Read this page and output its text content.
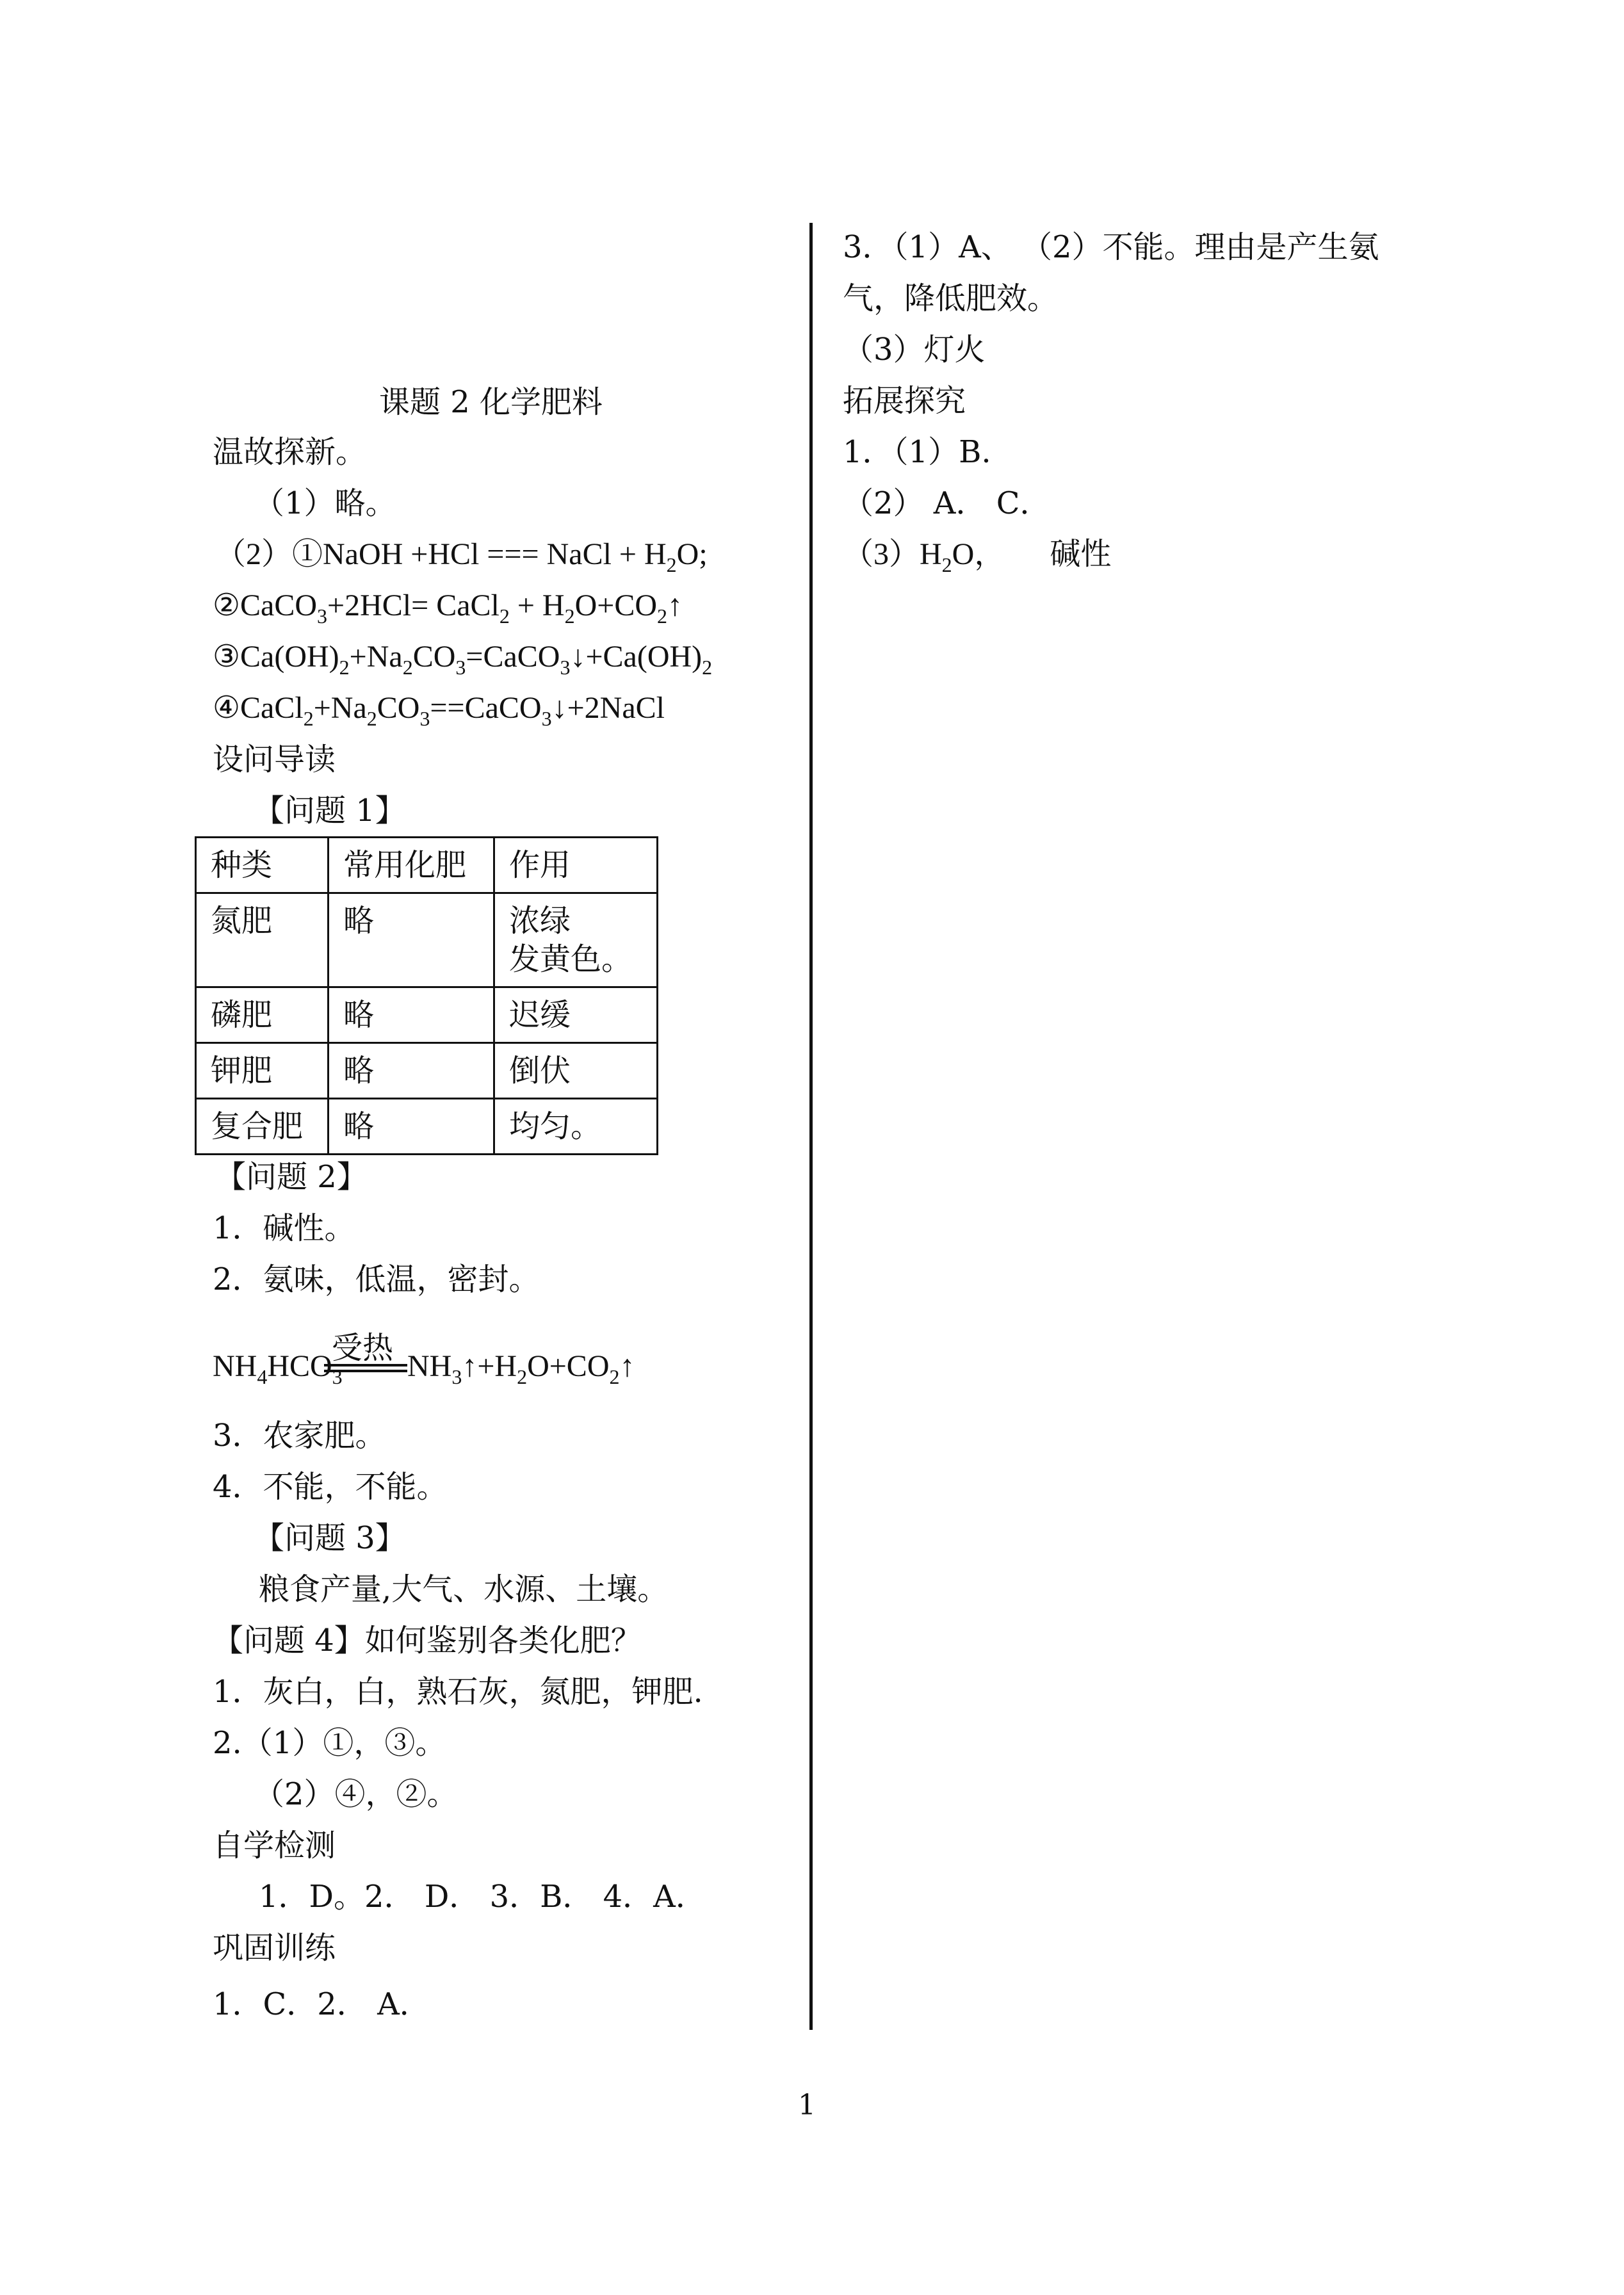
课题 2 化学肥料
温故探新。
（1）略。
（2）①NaOH +HCl === NaCl + $H_2O$;
②CaCO$_3$+2HCl= CaCl$_2$ + $H_2O+CO_2↑$
$③Ca(OH)_2+Na_2CO_3=CaCO_3↓+Ca(OH)_2$
$④CaCl_2+Na_2CO_3==CaCO_3↓+2NaCl$
设问导读
【问题 1】
种类	常用化肥	作用
氮肥	略	浓绿
发黄色。
磷肥	略	迟缓
钾肥	略	倒伏
复合肥	略	均匀。
【问题 2】
1．碱性。
2．氨味，低温，密封。
$NH_4HCO_3$
受热
$NH_3↑+H_2O+CO_2↑$
3．农家肥。
4．不能，不能。
【问题 3】
粮食产量,大气、水源、土壤。
【问题 4】如何鉴别各类化肥？
1．灰白，白，熟石灰，氮肥，钾肥.
2.（1）①，③。
（2）④，②。
自学检测
1．D。2． D． 3．B． 4．A．
巩固训练
1．C．2． A．
3．（1）A、 （2）不能。理由是产生氨
气，降低肥效。
（3）灯火
拓展探究
1．（1）B.
（2） A． C．
$(3)H_2O$， 碱性
1
